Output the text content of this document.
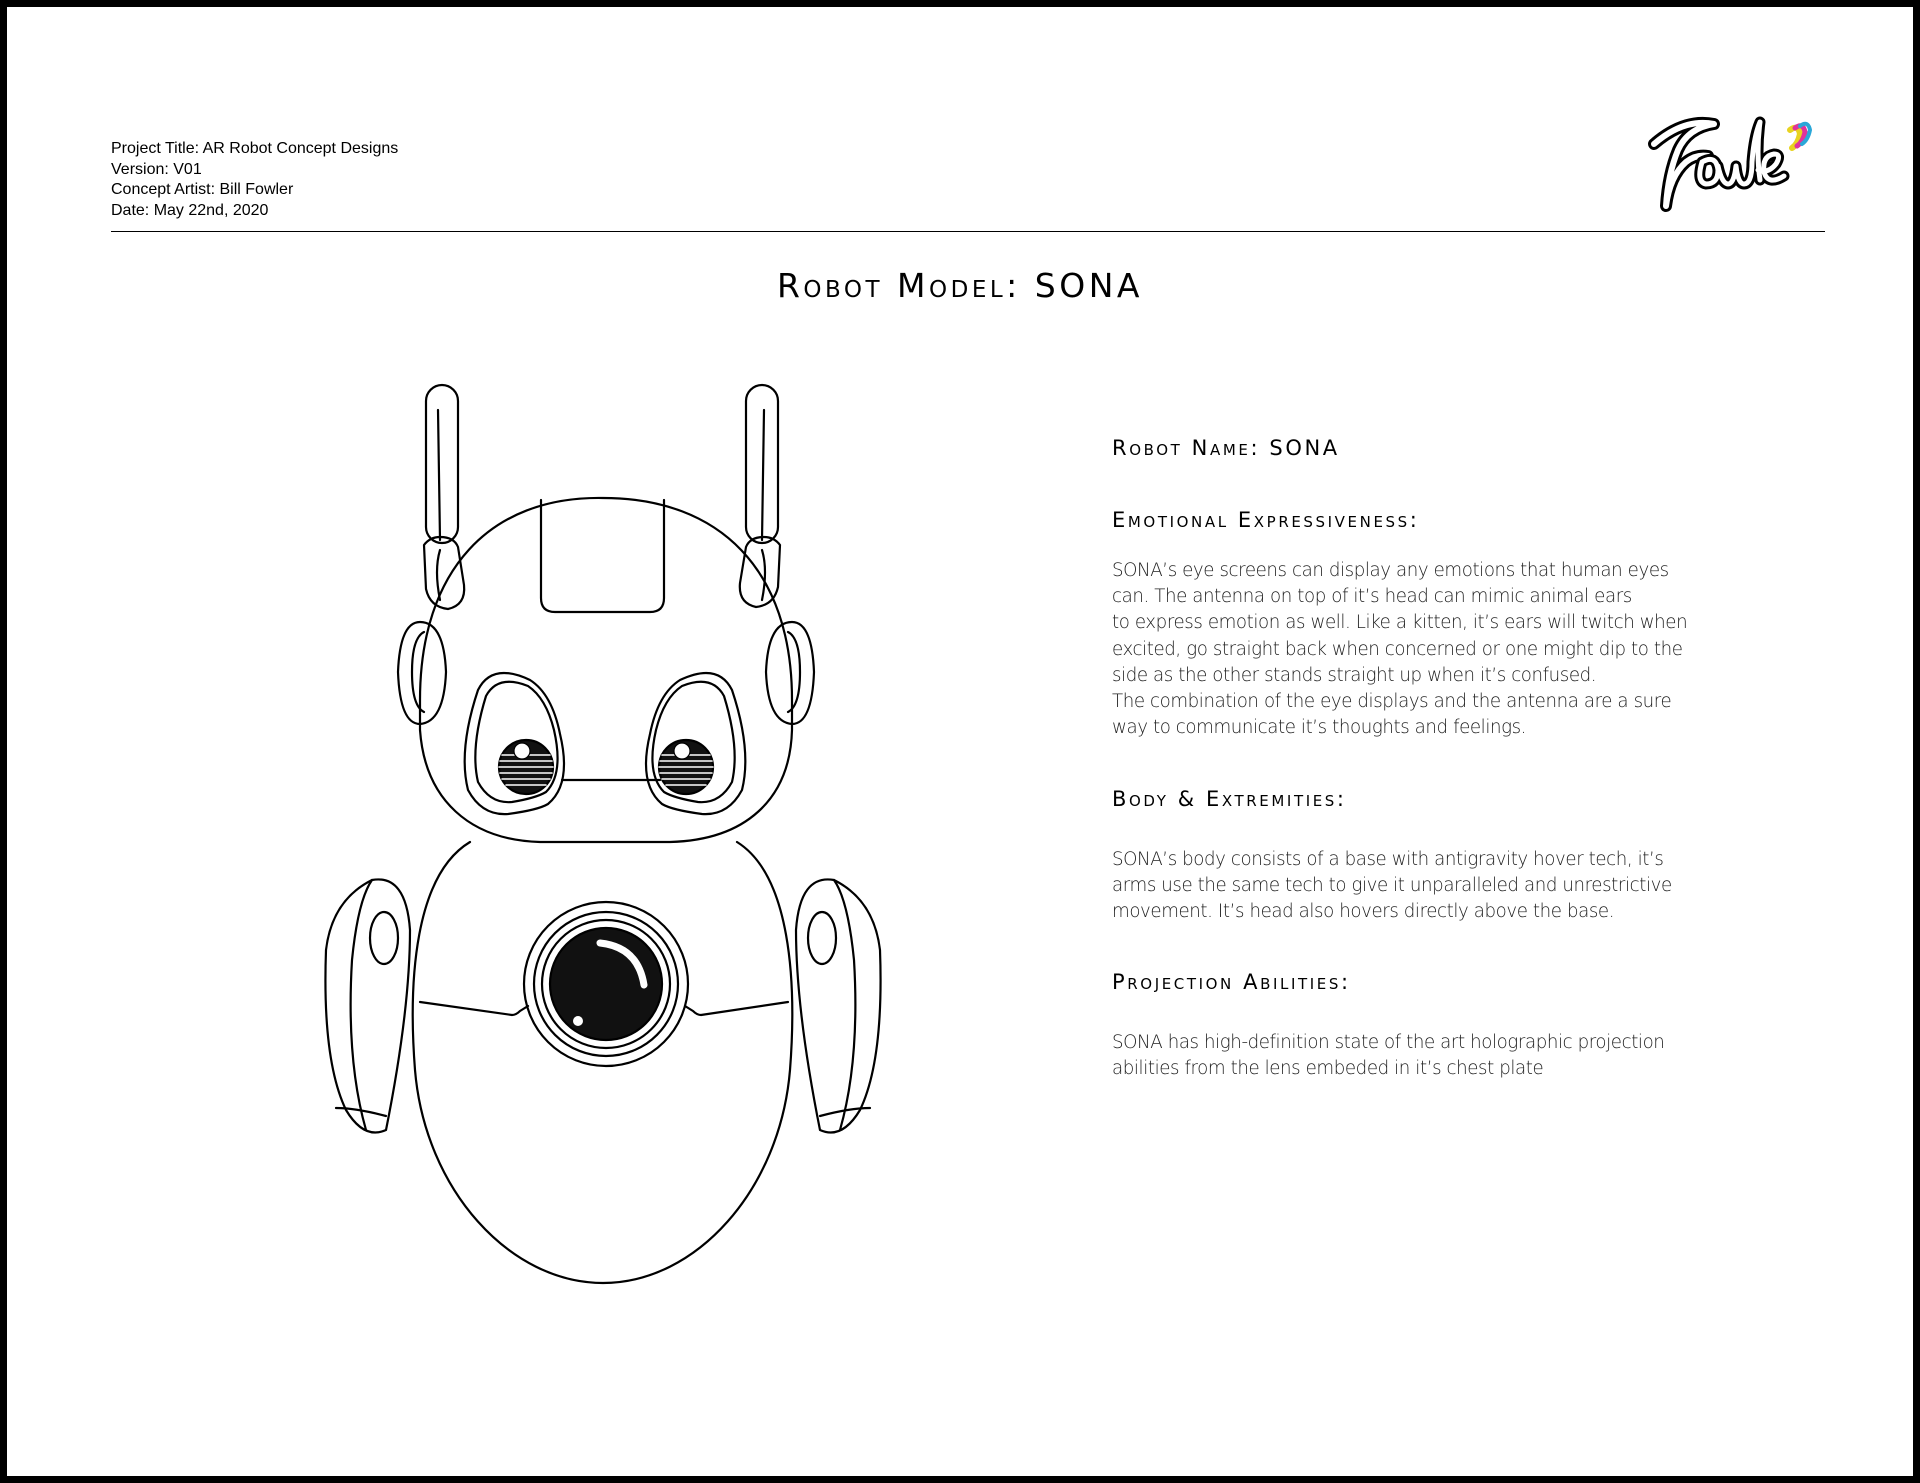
Project Title: AR Robot Concept Designs
Version: V01
Concept Artist: Bill Fowler
Date: May 22nd, 2020
Robot Model: SONA
Robot Name: SONA
Emotional Expressiveness:
SONA’s eye screens can display any emotions that human eyes
can. The antenna on top of it’s head can mimic animal ears
to express emotion as well. Like a kitten, it’s ears will twitch when
excited, go straight back when concerned or one might dip to the
side as the other stands straight up when it’s confused.
The combination of the eye displays and the antenna are a sure
way to communicate it’s thoughts and feelings.
Body & Extremities:
SONA’s body consists of a base with antigravity hover tech, it’s
arms use the same tech to give it unparalleled and unrestrictive
movement. It’s head also hovers directly above the base.
Projection Abilities:
SONA has high-definition state of the art holographic projection
abilities from the lens embeded in it’s chest plate
